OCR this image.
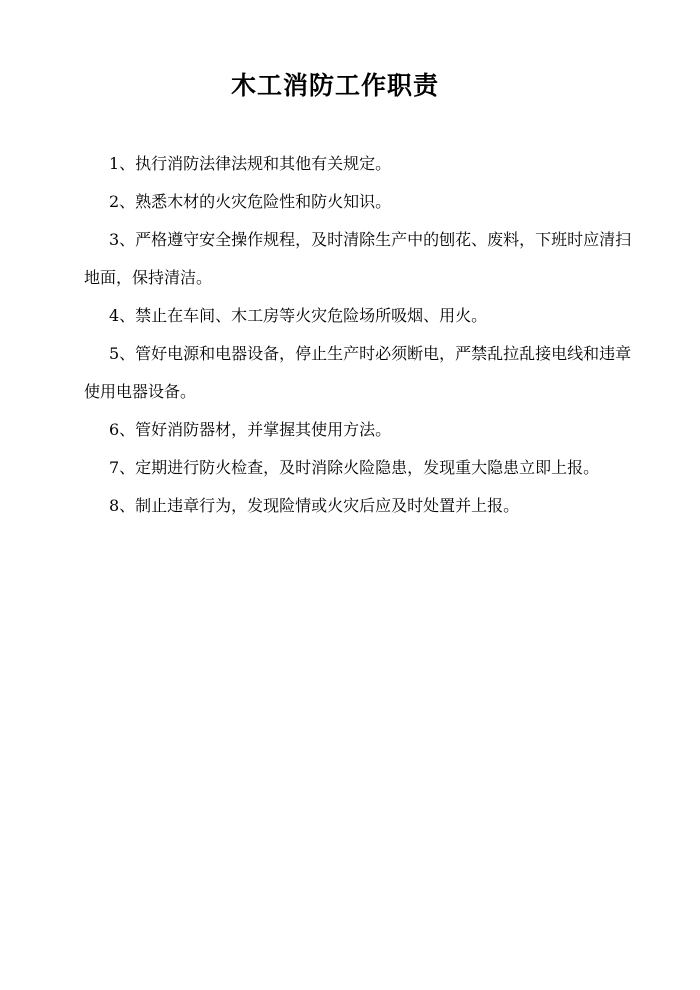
木工消防工作职责

1、执行消防法律法规和其他有关规定。

2、熟悉木材的火灾危险性和防火知识。

3、严格遵守安全操作规程，及时清除生产中的刨花、废料，下班时应清扫地面，保持清洁。

4、禁止在车间、木工房等火灾危险场所吸烟、用火。

5、管好电源和电器设备，停止生产时必须断电，严禁乱拉乱接电线和违章使用电器设备。

6、管好消防器材，并掌握其使用方法。

7、定期进行防火检查，及时消除火险隐患，发现重大隐患立即上报。

8、制止违章行为，发现险情或火灾后应及时处置并上报。
